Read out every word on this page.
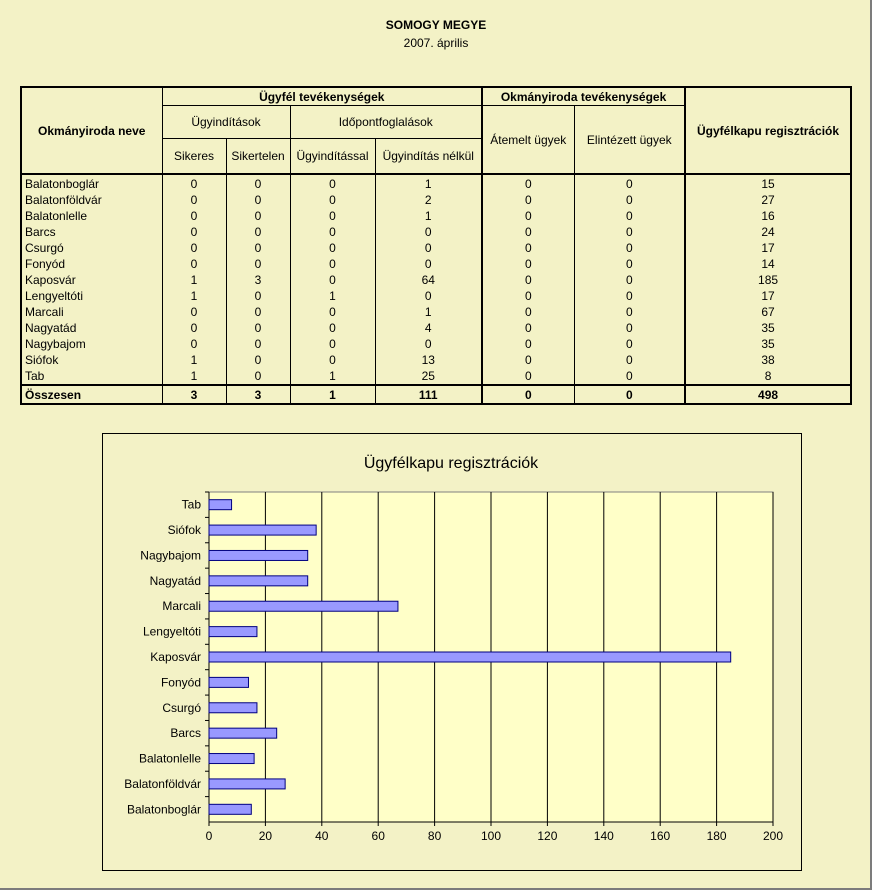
SOMOGY MEGYE
2007. április
Okmányiroda neve	Ügyfél tevékenységek				Okmányiroda tevékenységek		Ügyfélkapu regisztrációk
	Ügyindítások		Időpontfoglalások		Átemelt ügyek	Elintézett ügyek	
	Sikeres	Sikertelen	Ügyindítással	Ügyindítás nélkül			
Balatonboglár	0	0	0	1	0	0	15
Balatonföldvár	0	0	0	2	0	0	27
Balatonlelle	0	0	0	1	0	0	16
Barcs	0	0	0	0	0	0	24
Csurgó	0	0	0	0	0	0	17
Fonyód	0	0	0	0	0	0	14
Kaposvár	1	3	0	64	0	0	185
Lengyeltóti	1	0	1	0	0	0	17
Marcali	0	0	0	1	0	0	67
Nagyatád	0	0	0	4	0	0	35
Nagybajom	0	0	0	0	0	0	35
Siófok	1	0	0	13	0	0	38
Tab	1	0	1	25	0	0	8
Összesen	3	3	1	111	0	0	498
Ügyfélkapu regisztrációk
0	20	40	60	80	100	120	140	160	180	200
Balatonboglár
Balatonföldvár
Balatonlelle
Barcs
Csurgó
Fonyód
Kaposvár
Lengyeltóti
Marcali
Nagyatád
Nagybajom
Siófok
Tab
